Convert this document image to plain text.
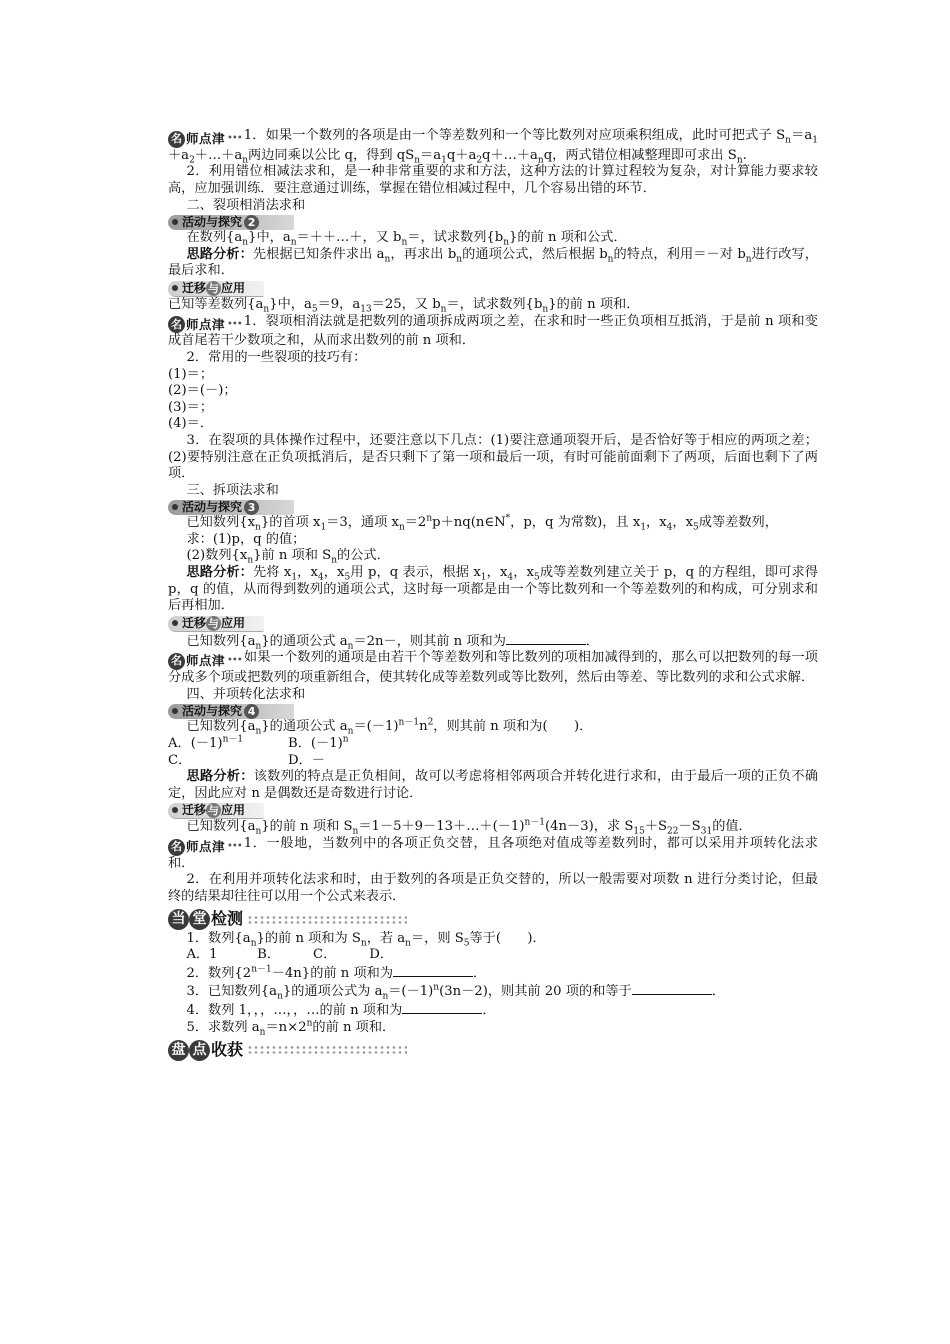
名 师点津 ••• 1．如果一个数列的各项是由一个等差数列和一个等比数列对应项乘积组成，此时可把式子 $S_n=a_1+a_2+\dots+a_n$两边同乘以公比 q，得到 $qS_n=a_1q+a_2q+\dots+a_nq$，两式错位相减整理即可求出 $S_n$.

2．利用错位相减法求和，是一种非常重要的求和方法，这种方法的计算过程较为复杂，对计算能力要求较高，应加强训练．要注意通过训练，掌握在错位相减过程中，几个容易出错的环节．

二、裂项相消法求和

活动与探究 2

在数列$\{a_n\}$中，$a_n=++\dots+$，又 $b_n=$，试求数列$\{b_n\}$的前 n 项和公式．

思路分析：先根据已知条件求出 $a_n$，再求出 $b_n$的通项公式，然后根据 $b_n$的特点，利用＝－对 $b_n$进行改写，最后求和．

迁移 与 应用

已知等差数列$\{a_n\}$中，$a_5=9$，$a_{13}=25$，又 $b_n=$，试求数列$\{b_n\}$的前 n 项和．

名 师点津 ••• 1．裂项相消法就是把数列的通项拆成两项之差，在求和时一些正负项相互抵消，于是前 n 项和变成首尾若干少数项之和，从而求出数列的前 n 项和．

2．常用的一些裂项的技巧有：

(1)＝；

(2)＝(－)；

(3)＝；

(4)＝．

3．在裂项的具体操作过程中，还要注意以下几点：(1)要注意通项裂开后，是否恰好等于相应的两项之差；(2)要特别注意在正负项抵消后，是否只剩下了第一项和最后一项，有时可能前面剩下了两项，后面也剩下了两项．

三、拆项法求和

活动与探究 3

已知数列$\{x_n\}$的首项 $x_1=3$，通项 $x_n=2^np+nq(n\in N^*$，p，q 为常数)，且 $x_1$，$x_4$，$x_5$成等差数列，

求：(1)p，q 的值；

(2)数列$\{x_n\}$前 n 项和 $S_n$的公式．

思路分析：先将 $x_1$，$x_4$，$x_5$用 p，q 表示，根据 $x_1$，$x_4$，$x_5$成等差数列建立关于 p，q 的方程组，即可求得 p，q 的值，从而得到数列的通项公式，这时每一项都是由一个等比数列和一个等差数列的和构成，可分别求和后再相加．

迁移 与 应用

已知数列$\{a_n\}$的通项公式 $a_n=2n-$，则其前 n 项和为	．

名 师点津 ••• 如果一个数列的通项是由若干个等差数列和等比数列的项相加减得到的，那么可以把数列的每一项分成多个项或把数列的项重新组合，使其转化成等差数列或等比数列，然后由等差、等比数列的求和公式求解．

四、并项转化法求和

活动与探究 4

已知数列$\{a_n\}$的通项公式 $a_n=(-1)^{n-1}n^2$，则其前 n 项和为(　　)．

A．$(-1)^{n-1}$	B．$(-1)^n$
C．	D．－

思路分析：该数列的特点是正负相间，故可以考虑将相邻两项合并转化进行求和，由于最后一项的正负不确定，因此应对 n 是偶数还是奇数进行讨论．

迁移 与 应用

已知数列$\{a_n\}$的前 n 项和 $S_n=1-5+9-13+\dots+(-1)^{n-1}(4n-3)$，求 $S_{15}+S_{22}-S_{31}$的值．

名 师点津 ••• 1．一般地，当数列中的各项正负交替，且各项绝对值成等差数列时，都可以采用并项转化法求和．

2．在利用并项转化法求和时，由于数列的各项是正负交替的，所以一般需要对项数 n 进行分类讨论，但最终的结果却往往可以用一个公式来表示．

当 堂 检测

1．数列$\{a_n\}$的前 n 项和为 $S_n$，若 $a_n=$，则 $S_5$等于(　　)．

A．1　　　B．　　　C．　　　D．

2．数列$\{2^{n-1}-4n\}$的前 n 项和为	．

3．已知数列$\{a_n\}$的通项公式为 $a_n=(-1)^n(3n-2)$，则其前 20 项的和等于	．

4．数列 1，，，…，，…的前 n 项和为	．

5．求数列 $a_n=n\times 2^n$的前 n 项和．

盘 点 收获
